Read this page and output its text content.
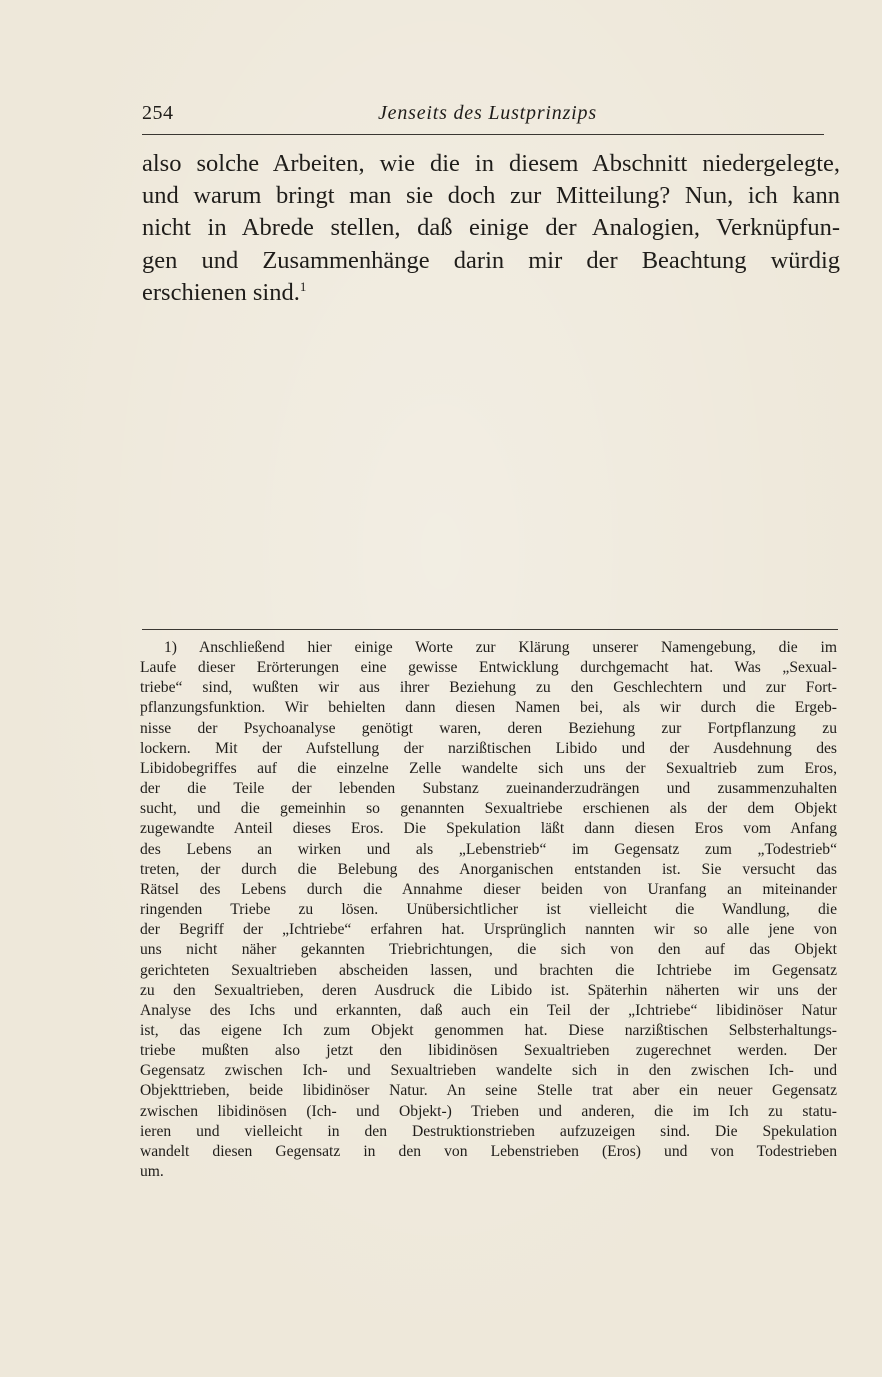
254	Jenseits des Lustprinzips
also solche Arbeiten, wie die in diesem Abschnitt niedergelegte,
und warum bringt man sie doch zur Mitteilung? Nun, ich kann
nicht in Abrede stellen, daß einige der Analogien, Verknüpfun-
gen und Zusammenhänge darin mir der Beachtung würdig
erschienen sind.$^1$
1) Anschließend hier einige Worte zur Klärung unserer Namengebung, die im
Laufe dieser Erörterungen eine gewisse Entwicklung durchgemacht hat. Was „Sexual-
triebe“ sind, wußten wir aus ihrer Beziehung zu den Geschlechtern und zur Fort-
pflanzungsfunktion. Wir behielten dann diesen Namen bei, als wir durch die Ergeb-
nisse der Psychoanalyse genötigt waren, deren Beziehung zur Fortpflanzung zu
lockern. Mit der Aufstellung der narzißtischen Libido und der Ausdehnung des
Libidobegriffes auf die einzelne Zelle wandelte sich uns der Sexualtrieb zum Eros,
der die Teile der lebenden Substanz zueinanderzudrängen und zusammenzuhalten
sucht, und die gemeinhin so genannten Sexualtriebe erschienen als der dem Objekt
zugewandte Anteil dieses Eros. Die Spekulation läßt dann diesen Eros vom Anfang
des Lebens an wirken und als „Lebenstrieb“ im Gegensatz zum „Todestrieb“
treten, der durch die Belebung des Anorganischen entstanden ist. Sie versucht das
Rätsel des Lebens durch die Annahme dieser beiden von Uranfang an miteinander
ringenden Triebe zu lösen. Unübersichtlicher ist vielleicht die Wandlung, die
der Begriff der „Ichtriebe“ erfahren hat. Ursprünglich nannten wir so alle jene von
uns nicht näher gekannten Triebrichtungen, die sich von den auf das Objekt
gerichteten Sexualtrieben abscheiden lassen, und brachten die Ichtriebe im Gegensatz
zu den Sexualtrieben, deren Ausdruck die Libido ist. Späterhin näherten wir uns der
Analyse des Ichs und erkannten, daß auch ein Teil der „Ichtriebe“ libidinöser Natur
ist, das eigene Ich zum Objekt genommen hat. Diese narzißtischen Selbsterhaltungs-
triebe mußten also jetzt den libidinösen Sexualtrieben zugerechnet werden. Der
Gegensatz zwischen Ich- und Sexualtrieben wandelte sich in den zwischen Ich- und
Objekttrieben, beide libidinöser Natur. An seine Stelle trat aber ein neuer Gegensatz
zwischen libidinösen (Ich- und Objekt-) Trieben und anderen, die im Ich zu statu-
ieren und vielleicht in den Destruktionstrieben aufzuzeigen sind. Die Spekulation
wandelt diesen Gegensatz in den von Lebenstrieben (Eros) und von Todestrieben
um.
